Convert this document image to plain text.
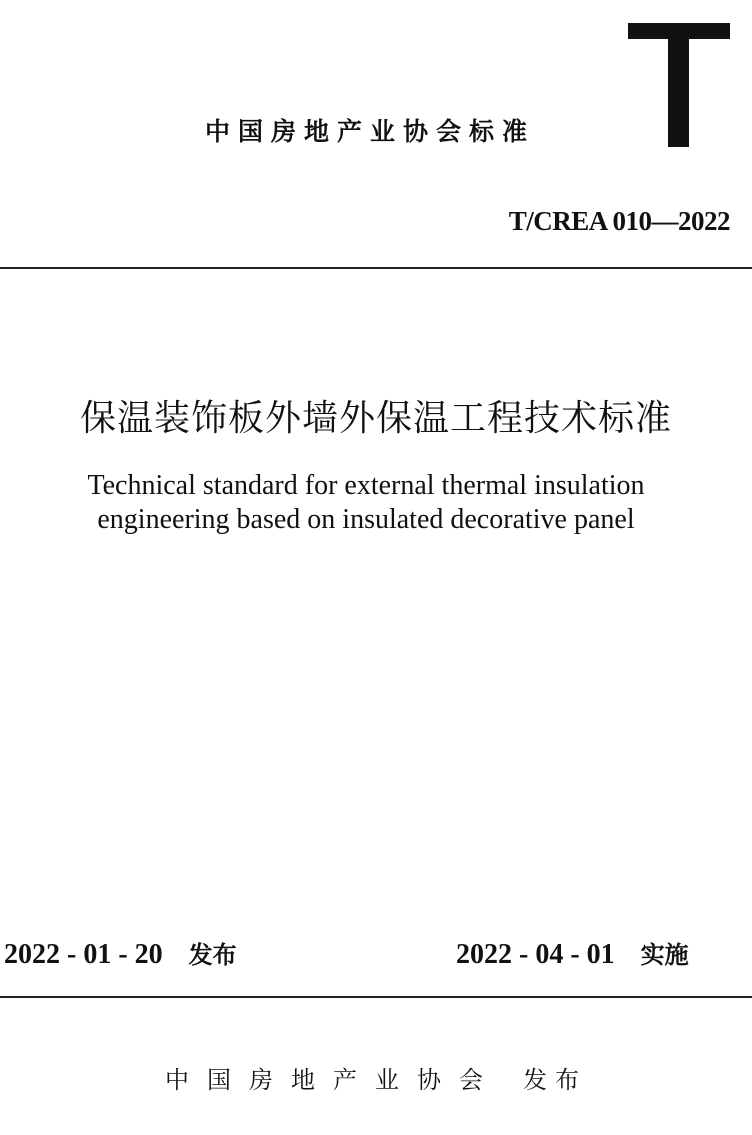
中国房地产业协会标准
T/CREA 010—2022
保温装饰板外墙外保温工程技术标准
Technical standard for external thermal insulation
engineering based on insulated decorative panel
2022 - 01 - 20 发布	2022 - 04 - 01 实施
中国房地产业协会 发布
